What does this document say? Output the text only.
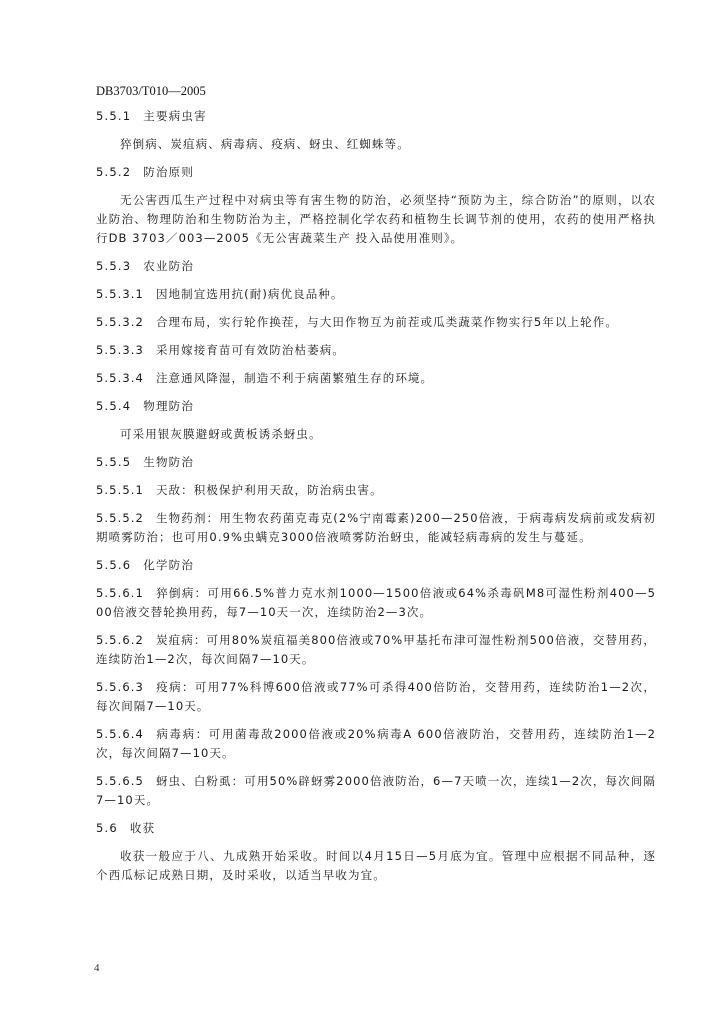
DB3703/T010—2005
5.5.1 主要病虫害

猝倒病、炭疽病、病毒病、疫病、蚜虫、红蜘蛛等。

5.5.2 防治原则

无公害西瓜生产过程中对病虫等有害生物的防治，必须坚持“预防为主，综合防治”的原则，以农业防治、物理防治和生物防治为主，严格控制化学农药和植物生长调节剂的使用，农药的使用严格执行DB 3703／003—2005《无公害蔬菜生产 投入品使用准则》。

5.5.3 农业防治

5.5.3.1 因地制宜选用抗(耐)病优良品种。

5.5.3.2 合理布局，实行轮作换茬，与大田作物互为前茬或瓜类蔬菜作物实行5年以上轮作。

5.5.3.3 采用嫁接育苗可有效防治枯萎病。

5.5.3.4 注意通风降湿，制造不利于病菌繁殖生存的环境。

5.5.4 物理防治

可采用银灰膜避蚜或黄板诱杀蚜虫。

5.5.5 生物防治

5.5.5.1 天敌：积极保护利用天敌，防治病虫害。

5.5.5.2 生物药剂：用生物农药菌克毒克(2%宁南霉素)200—250倍液，于病毒病发病前或发病初期喷雾防治；也可用0.9%虫螨克3000倍液喷雾防治蚜虫，能减轻病毒病的发生与蔓延。

5.5.6 化学防治

5.5.6.1 猝倒病：可用66.5%普力克水剂1000—1500倍液或64%杀毒矾M8可湿性粉剂400—500倍液交替轮换用药，每7—10天一次，连续防治2—3次。

5.5.6.2 炭疽病：可用80%炭疽福美800倍液或70%甲基托布津可湿性粉剂500倍液，交替用药，连续防治1—2次，每次间隔7—10天。

5.5.6.3 疫病：可用77%科博600倍液或77%可杀得400倍防治，交替用药，连续防治1—2次，每次间隔7—10天。

5.5.6.4 病毒病：可用菌毒敌2000倍液或20%病毒A 600倍液防治，交替用药，连续防治1—2次，每次间隔7—10天。

5.5.6.5 蚜虫、白粉虱：可用50%辟蚜雾2000倍液防治，6—7天喷一次，连续1—2次，每次间隔7—10天。

5.6 收获

收获一般应于八、九成熟开始采收。时间以4月15日—5月底为宜。管理中应根据不同品种，逐个西瓜标记成熟日期，及时采收，以适当早收为宜。

4
